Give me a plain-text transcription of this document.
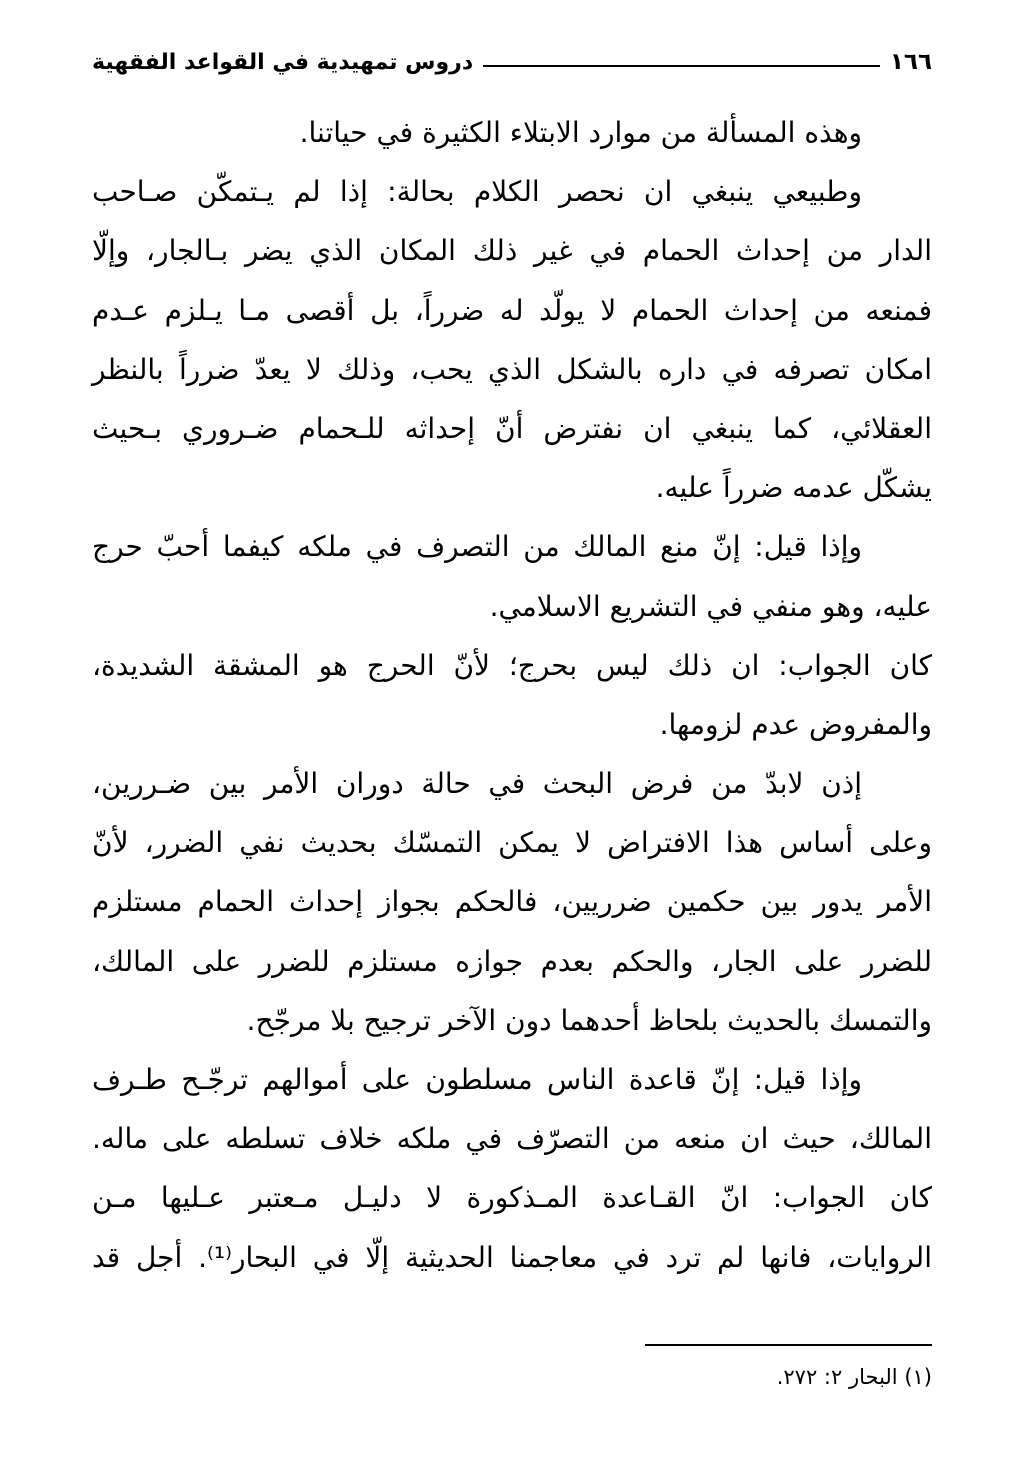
١٦٦
دروس تمهيدية في القواعد الفقهية
وهذه المسألة من موارد الابتلاء الكثيرة في حياتنا.
وطبيعي ينبغي ان نحصر الكلام بحالة: إذا لم يـتمكّن صـاحب
الدار من إحداث الحمام في غير ذلك المكان الذي يضر بـالجار، وإلّا
فمنعه من إحداث الحمام لا يولّد له ضرراً، بل أقصى مـا يـلزم عـدم
امكان تصرفه في داره بالشكل الذي يحب، وذلك لا يعدّ ضرراً بالنظر
العقلائي، كما ينبغي ان نفترض أنّ إحداثه للـحمام ضـروري بـحيث
يشكّل عدمه ضرراً عليه.
وإذا قيل: إنّ منع المالك من التصرف في ملكه كيفما أحبّ حرج
عليه، وهو منفي في التشريع الاسلامي.
كان الجواب: ان ذلك ليس بحرج؛ لأنّ الحرج هو المشقة الشديدة،
والمفروض عدم لزومها.
إذن لابدّ من فرض البحث في حالة دوران الأمر بين ضـررين،
وعلى أساس هذا الافتراض لا يمكن التمسّك بحديث نفي الضرر، لأنّ
الأمر يدور بين حكمين ضرريين، فالحكم بجواز إحداث الحمام مستلزم
للضرر على الجار، والحكم بعدم جوازه مستلزم للضرر على المالك،
والتمسك بالحديث بلحاظ أحدهما دون الآخر ترجيح بلا مرجّح.
وإذا قيل: إنّ قاعدة الناس مسلطون على أموالهم ترجّـح طـرف
المالك، حيث ان منعه من التصرّف في ملكه خلاف تسلطه على ماله.
كان الجواب: انّ القـاعدة المـذكورة لا دليـل مـعتبر عـليها مـن
الروايات، فانها لم ترد في معاجمنا الحديثية إلّا في البحار⁽¹⁾. أجل قد
(١) البحار ٢: ٢٧٢.
